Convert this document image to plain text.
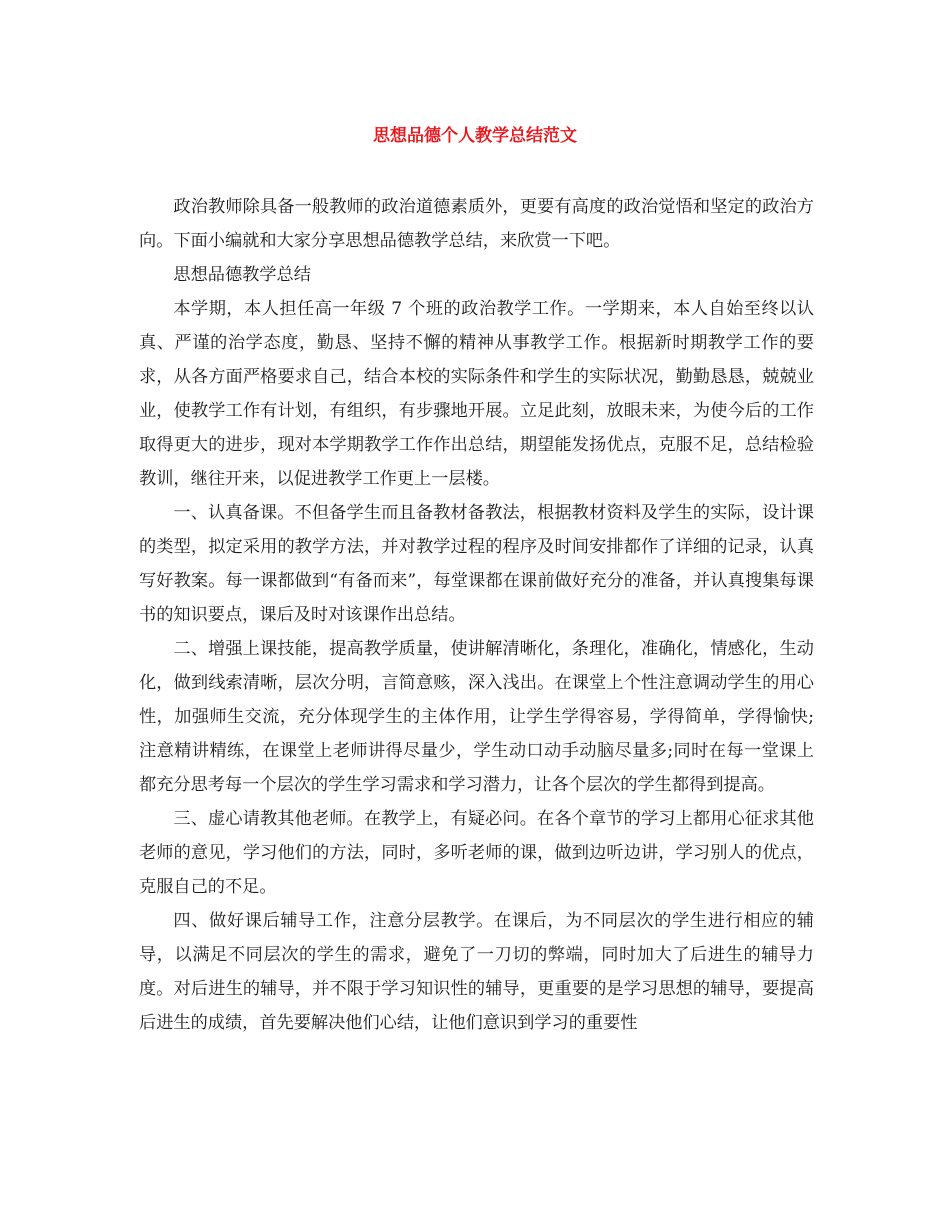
思想品德个人教学总结范文

政治教师除具备一般教师的政治道德素质外，更要有高度的政治觉悟和坚定的政治方向。下面小编就和大家分享思想品德教学总结，来欣赏一下吧。

思想品德教学总结

本学期，本人担任高一年级 7 个班的政治教学工作。一学期来，本人自始至终以认真、严谨的治学态度，勤恳、坚持不懈的精神从事教学工作。根据新时期教学工作的要求，从各方面严格要求自己，结合本校的实际条件和学生的实际状况，勤勤恳恳，兢兢业业，使教学工作有计划，有组织，有步骤地开展。立足此刻，放眼未来，为使今后的工作取得更大的进步，现对本学期教学工作作出总结，期望能发扬优点，克服不足，总结检验教训，继往开来，以促进教学工作更上一层楼。

一、认真备课。不但备学生而且备教材备教法，根据教材资料及学生的实际，设计课的类型，拟定采用的教学方法，并对教学过程的程序及时间安排都作了详细的记录，认真写好教案。每一课都做到“有备而来”，每堂课都在课前做好充分的准备，并认真搜集每课书的知识要点，课后及时对该课作出总结。

二、增强上课技能，提高教学质量，使讲解清晰化，条理化，准确化，情感化，生动化，做到线索清晰，层次分明，言简意赅，深入浅出。在课堂上个性注意调动学生的用心性，加强师生交流，充分体现学生的主体作用，让学生学得容易，学得简单，学得愉快;注意精讲精练，在课堂上老师讲得尽量少，学生动口动手动脑尽量多;同时在每一堂课上都充分思考每一个层次的学生学习需求和学习潜力，让各个层次的学生都得到提高。

三、虚心请教其他老师。在教学上，有疑必问。在各个章节的学习上都用心征求其他老师的意见，学习他们的方法，同时，多听老师的课，做到边听边讲，学习别人的优点，克服自己的不足。

四、做好课后辅导工作，注意分层教学。在课后，为不同层次的学生进行相应的辅导，以满足不同层次的学生的需求，避免了一刀切的弊端，同时加大了后进生的辅导力度。对后进生的辅导，并不限于学习知识性的辅导，更重要的是学习思想的辅导，要提高后进生的成绩，首先要解决他们心结，让他们意识到学习的重要性
